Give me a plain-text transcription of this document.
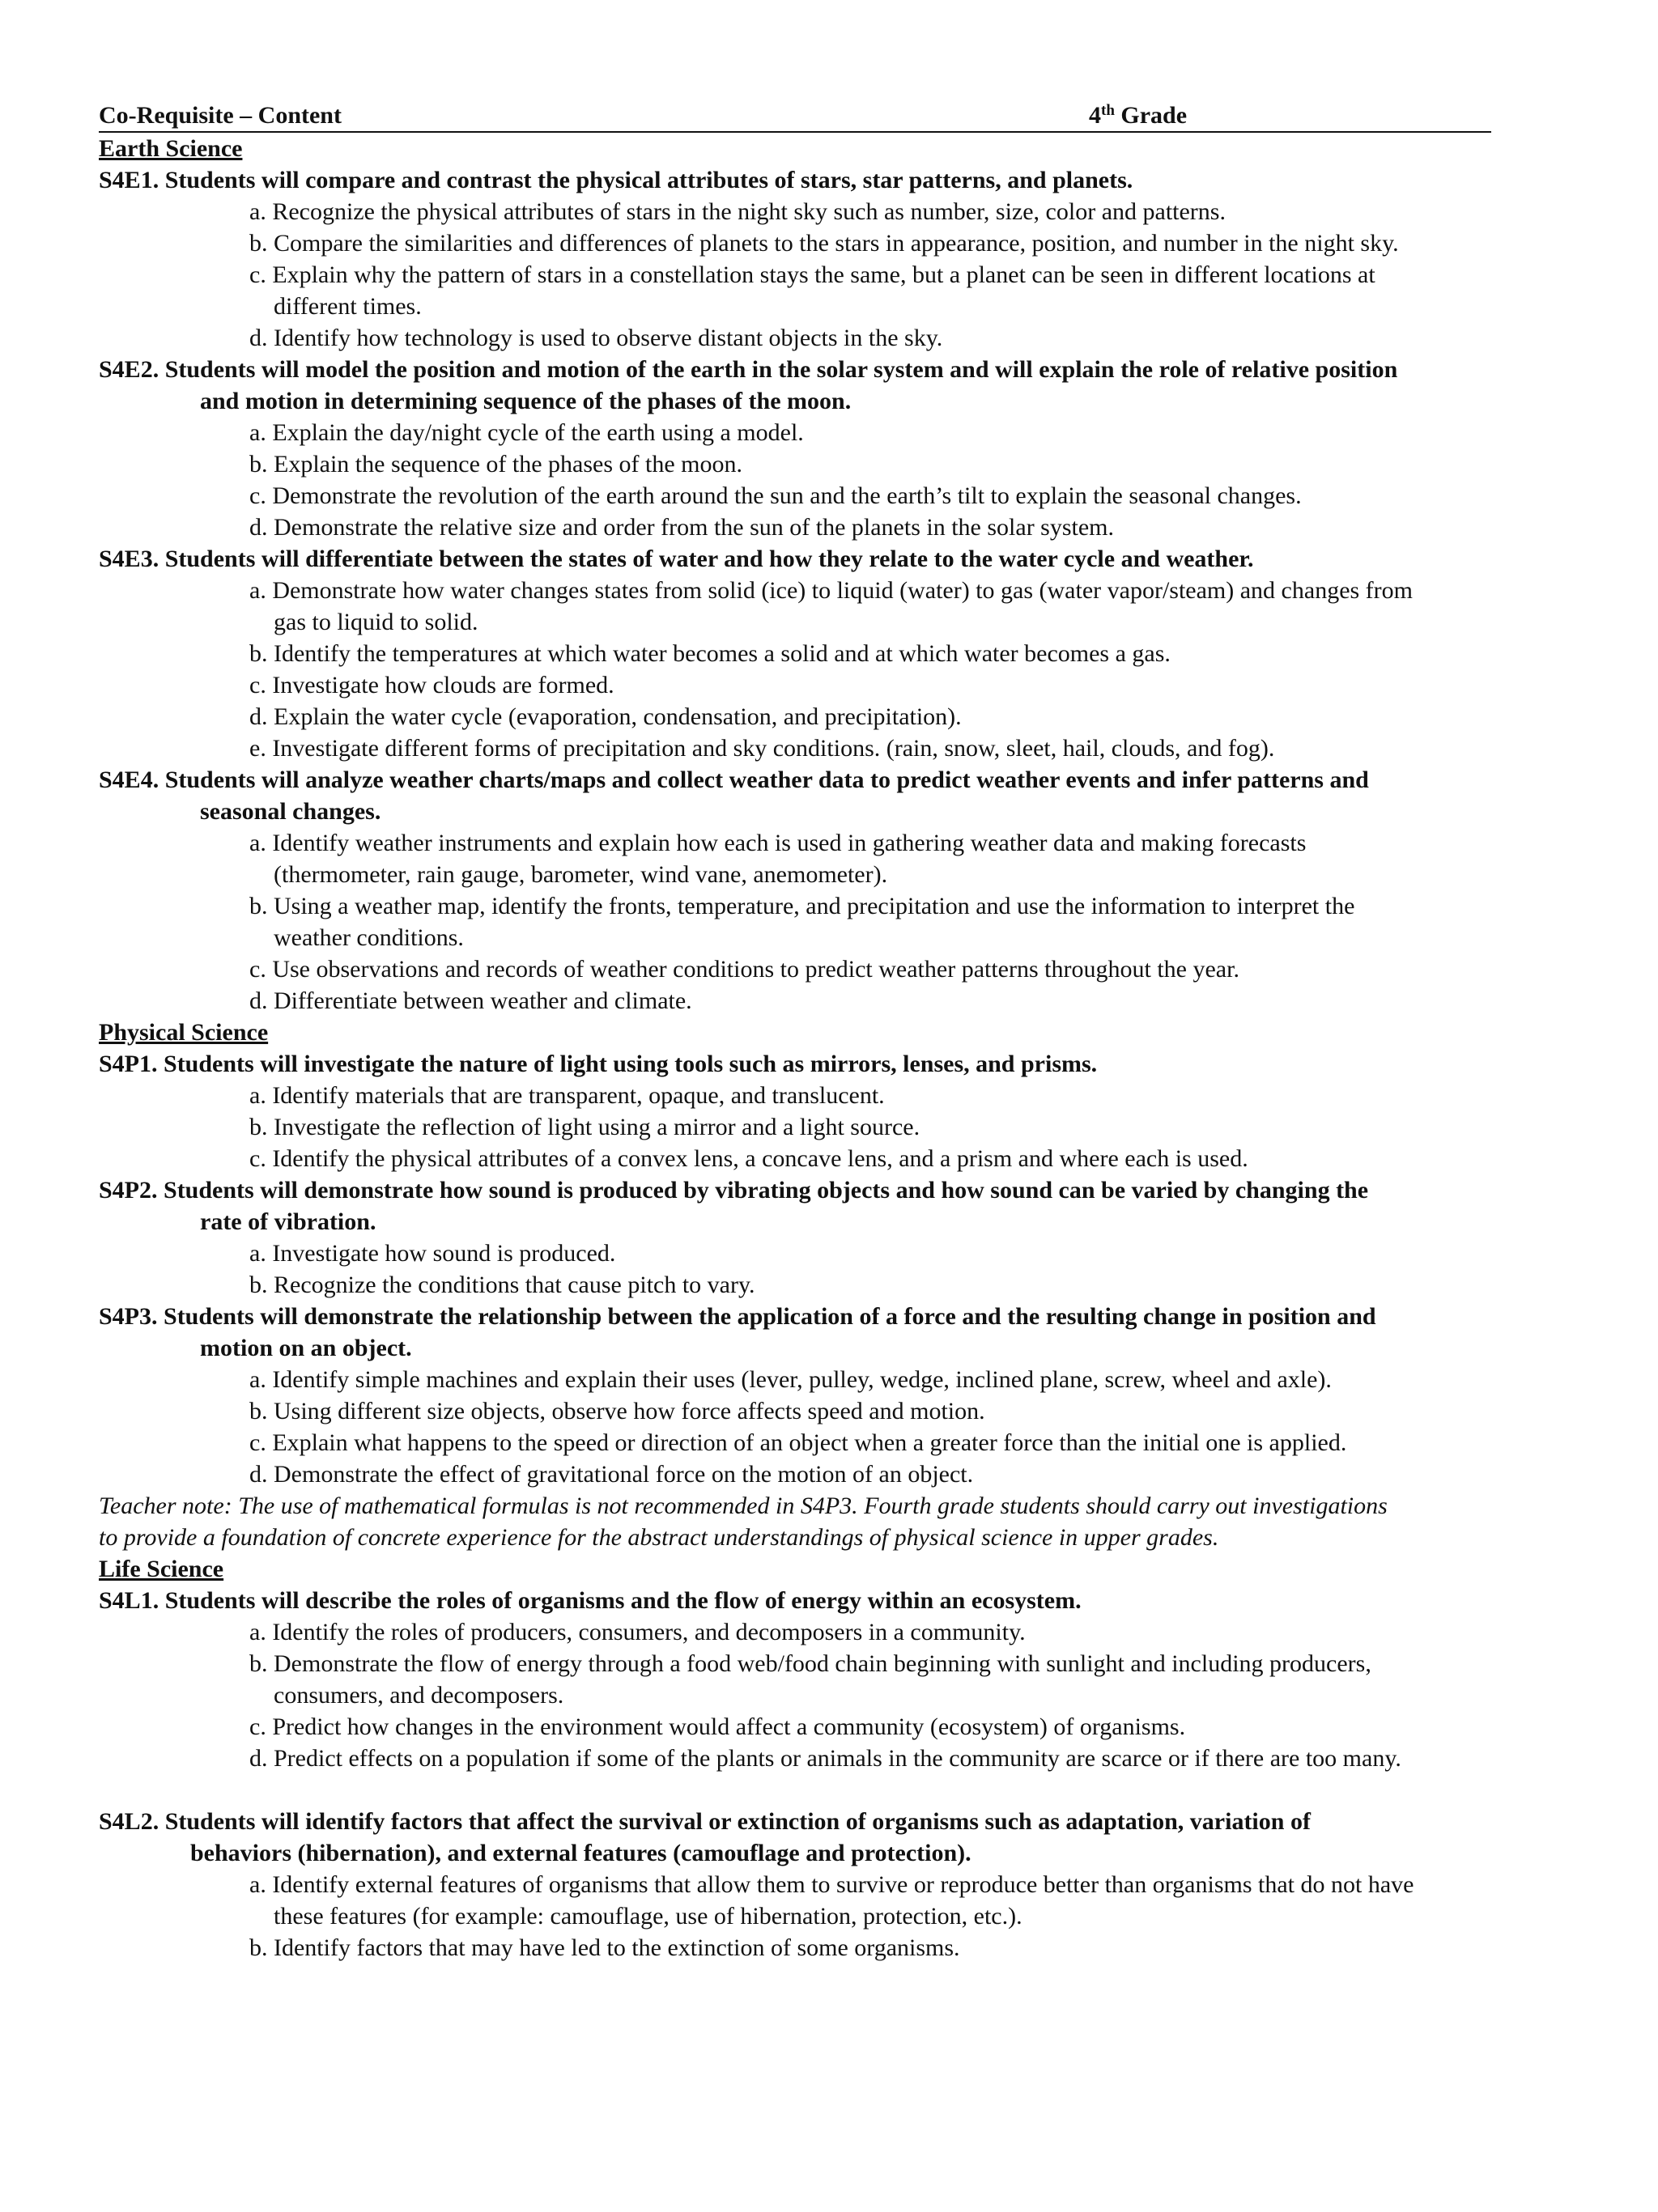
Co-Requisite – Content	4th Grade
Earth Science
S4E1. Students will compare and contrast the physical attributes of stars, star patterns, and planets.
a. Recognize the physical attributes of stars in the night sky such as number, size, color and patterns.
b. Compare the similarities and differences of planets to the stars in appearance, position, and number in the night sky.
c. Explain why the pattern of stars in a constellation stays the same, but a planet can be seen in different locations at
different times.
d. Identify how technology is used to observe distant objects in the sky.
S4E2. Students will model the position and motion of the earth in the solar system and will explain the role of relative position
and motion in determining sequence of the phases of the moon.
a. Explain the day/night cycle of the earth using a model.
b. Explain the sequence of the phases of the moon.
c. Demonstrate the revolution of the earth around the sun and the earth’s tilt to explain the seasonal changes.
d. Demonstrate the relative size and order from the sun of the planets in the solar system.
S4E3. Students will differentiate between the states of water and how they relate to the water cycle and weather.
a. Demonstrate how water changes states from solid (ice) to liquid (water) to gas (water vapor/steam) and changes from
gas to liquid to solid.
b. Identify the temperatures at which water becomes a solid and at which water becomes a gas.
c. Investigate how clouds are formed.
d. Explain the water cycle (evaporation, condensation, and precipitation).
e. Investigate different forms of precipitation and sky conditions. (rain, snow, sleet, hail, clouds, and fog).
S4E4. Students will analyze weather charts/maps and collect weather data to predict weather events and infer patterns and
seasonal changes.
a. Identify weather instruments and explain how each is used in gathering weather data and making forecasts
(thermometer, rain gauge, barometer, wind vane, anemometer).
b. Using a weather map, identify the fronts, temperature, and precipitation and use the information to interpret the
weather conditions.
c. Use observations and records of weather conditions to predict weather patterns throughout the year.
d. Differentiate between weather and climate.
Physical Science
S4P1. Students will investigate the nature of light using tools such as mirrors, lenses, and prisms.
a. Identify materials that are transparent, opaque, and translucent.
b. Investigate the reflection of light using a mirror and a light source.
c. Identify the physical attributes of a convex lens, a concave lens, and a prism and where each is used.
S4P2. Students will demonstrate how sound is produced by vibrating objects and how sound can be varied by changing the
rate of vibration.
a. Investigate how sound is produced.
b. Recognize the conditions that cause pitch to vary.
S4P3. Students will demonstrate the relationship between the application of a force and the resulting change in position and
motion on an object.
a. Identify simple machines and explain their uses (lever, pulley, wedge, inclined plane, screw, wheel and axle).
b. Using different size objects, observe how force affects speed and motion.
c. Explain what happens to the speed or direction of an object when a greater force than the initial one is applied.
d. Demonstrate the effect of gravitational force on the motion of an object.
Teacher note: The use of mathematical formulas is not recommended in S4P3. Fourth grade students should carry out investigations
to provide a foundation of concrete experience for the abstract understandings of physical science in upper grades.
Life Science
S4L1. Students will describe the roles of organisms and the flow of energy within an ecosystem.
a. Identify the roles of producers, consumers, and decomposers in a community.
b. Demonstrate the flow of energy through a food web/food chain beginning with sunlight and including producers,
consumers, and decomposers.
c. Predict how changes in the environment would affect a community (ecosystem) of organisms.
d. Predict effects on a population if some of the plants or animals in the community are scarce or if there are too many.
S4L2. Students will identify factors that affect the survival or extinction of organisms such as adaptation, variation of
behaviors (hibernation), and external features (camouflage and protection).
a. Identify external features of organisms that allow them to survive or reproduce better than organisms that do not have
these features (for example: camouflage, use of hibernation, protection, etc.).
b. Identify factors that may have led to the extinction of some organisms.
